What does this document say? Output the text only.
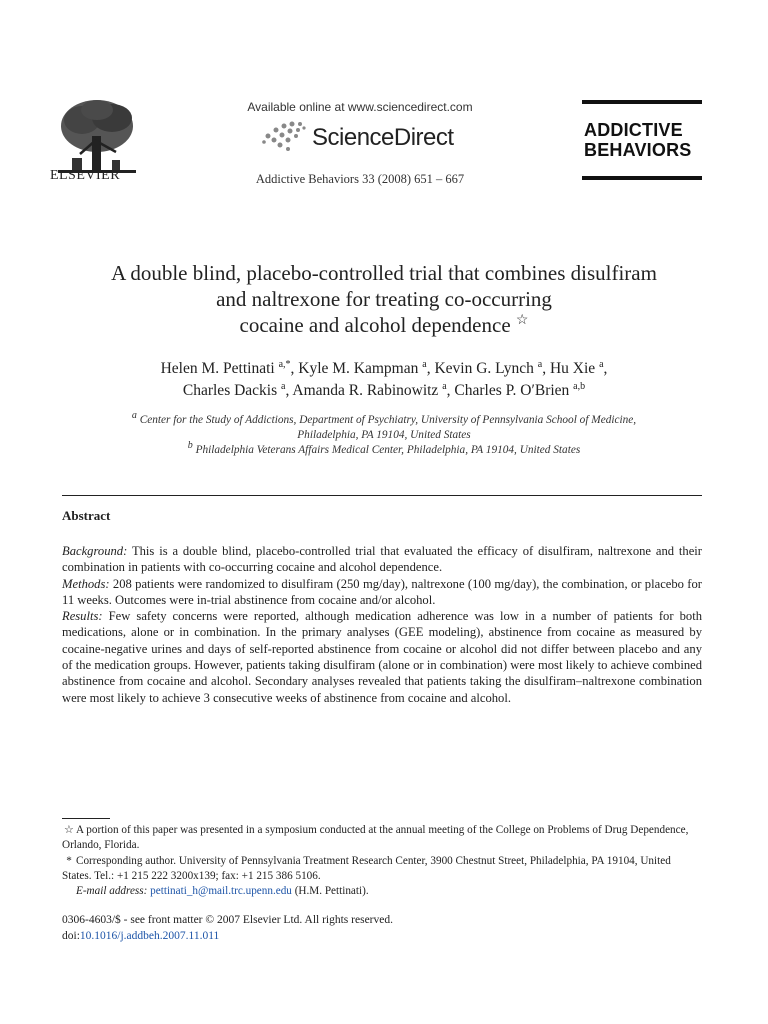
ELSEVIER
Available online at www.sciencedirect.com
ScienceDirect
Addictive Behaviors 33 (2008) 651 – 667
ADDICTIVE
BEHAVIORS
A double blind, placebo-controlled trial that combines disulfiram
and naltrexone for treating co-occurring
cocaine and alcohol dependence ☆
Helen M. Pettinati $^{a,*}$, Kyle M. Kampman $^a$, Kevin G. Lynch $^a$, Hu Xie $^a$,
Charles Dackis $^a$, Amanda R. Rabinowitz $^a$, Charles P. O′Brien $^{a,b}$
$^a$ Center for the Study of Addictions, Department of Psychiatry, University of Pennsylvania School of Medicine,
Philadelphia, PA 19104, United States
$^b$ Philadelphia Veterans Affairs Medical Center, Philadelphia, PA 19104, United States
Abstract

Background: This is a double blind, placebo-controlled trial that evaluated the efficacy of disulfiram, naltrexone and their combination in patients with co-occurring cocaine and alcohol dependence.

Methods: 208 patients were randomized to disulfiram (250 mg/day), naltrexone (100 mg/day), the combination, or placebo for 11 weeks. Outcomes were in-trial abstinence from cocaine and/or alcohol.

Results: Few safety concerns were reported, although medication adherence was low in a number of patients for both medications, alone or in combination. In the primary analyses (GEE modeling), abstinence from cocaine as measured by cocaine-negative urines and days of self-reported abstinence from cocaine or alcohol did not differ between placebo and any of the medication groups. However, patients taking disulfiram (alone or in combination) were most likely to achieve combined abstinence from cocaine and alcohol. Secondary analyses revealed that patients taking the disulfiram–naltrexone combination were most likely to achieve 3 consecutive weeks of abstinence from cocaine and alcohol.

☆ A portion of this paper was presented in a symposium conducted at the annual meeting of the College on Problems of Drug Dependence, Orlando, Florida.

* Corresponding author. University of Pennsylvania Treatment Research Center, 3900 Chestnut Street, Philadelphia, PA 19104, United States. Tel.: +1 215 222 3200x139; fax: +1 215 386 5106.

E-mail address: pettinati_h@mail.trc.upenn.edu (H.M. Pettinati).

0306-4603/$ - see front matter © 2007 Elsevier Ltd. All rights reserved.

doi:10.1016/j.addbeh.2007.11.011
